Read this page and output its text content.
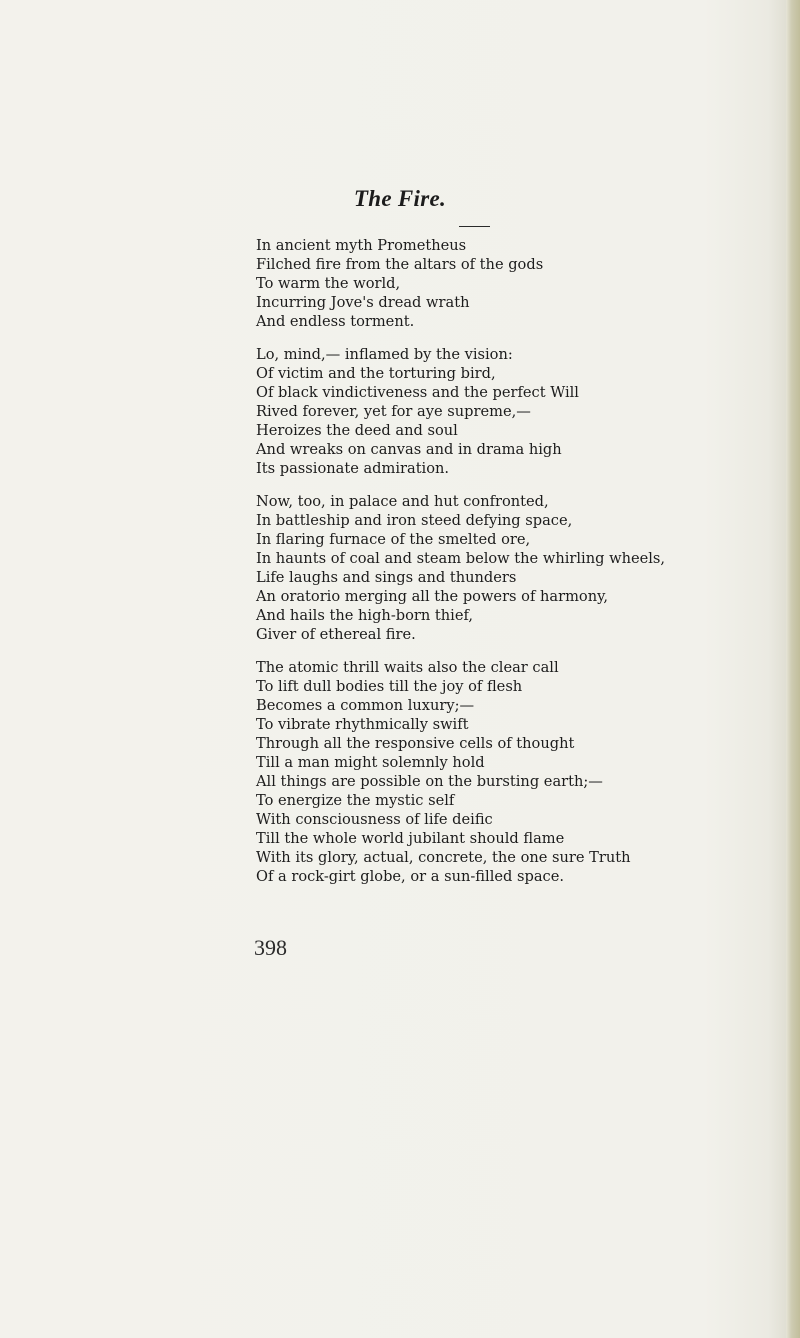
The Fire.
In ancient myth Prometheus
Filched fire from the altars of the gods
To warm the world,
Incurring Jove's dread wrath
And endless torment.
Lo, mind,— inflamed by the vision:
Of victim and the torturing bird,
Of black vindictiveness and the perfect Will
Rived forever, yet for aye supreme,—
Heroizes the deed and soul
And wreaks on canvas and in drama high
Its passionate admiration.
Now, too, in palace and hut confronted,
In battleship and iron steed defying space,
In flaring furnace of the smelted ore,
In haunts of coal and steam below the whirling wheels,
Life laughs and sings and thunders
An oratorio merging all the powers of harmony,
And hails the high-born thief,
Giver of ethereal fire.
The atomic thrill waits also the clear call
To lift dull bodies till the joy of flesh
Becomes a common luxury;—
To vibrate rhythmically swift
Through all the responsive cells of thought
Till a man might solemnly hold
All things are possible on the bursting earth;—
To energize the mystic self
With consciousness of life deific
Till the whole world jubilant should flame
With its glory, actual, concrete, the one sure Truth
Of a rock-girt globe, or a sun-filled space.
398
